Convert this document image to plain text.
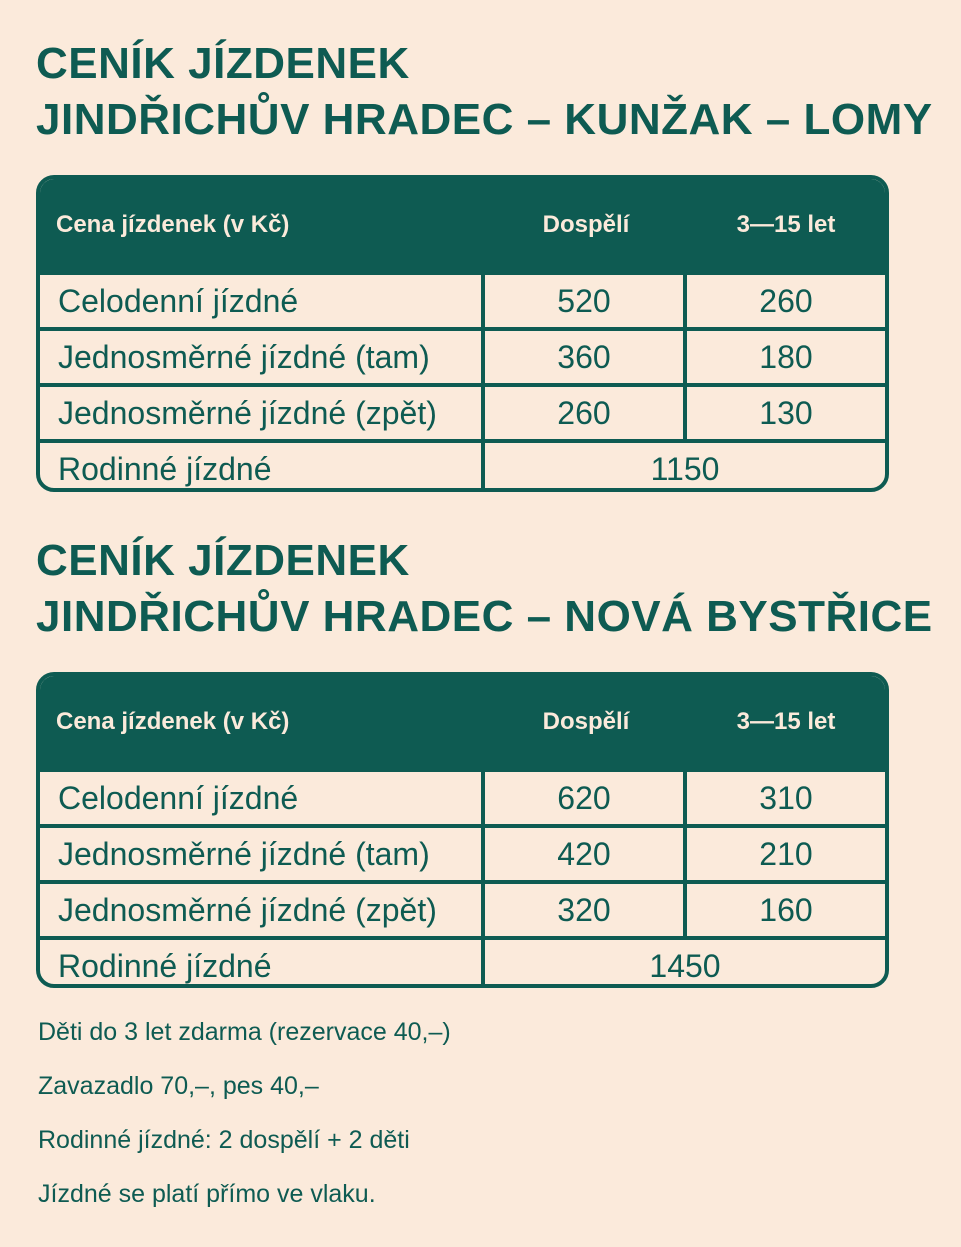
CENÍK JÍZDENEK
JINDŘICHŮV HRADEC – KUNŽAK – LOMY
Cena jízdenek (v Kč)	Dospělí	3—15 let
Celodenní jízdné	520	260
Jednosměrné jízdné (tam)	360	180
Jednosměrné jízdné (zpět)	260	130
Rodinné jízdné	1150
CENÍK JÍZDENEK
JINDŘICHŮV HRADEC – NOVÁ BYSTŘICE
Cena jízdenek (v Kč)	Dospělí	3—15 let
Celodenní jízdné	620	310
Jednosměrné jízdné (tam)	420	210
Jednosměrné jízdné (zpět)	320	160
Rodinné jízdné	1450
Děti do 3 let zdarma (rezervace 40,–)
Zavazadlo 70,–, pes 40,–
Rodinné jízdné: 2 dospělí + 2 děti
Jízdné se platí přímo ve vlaku.
